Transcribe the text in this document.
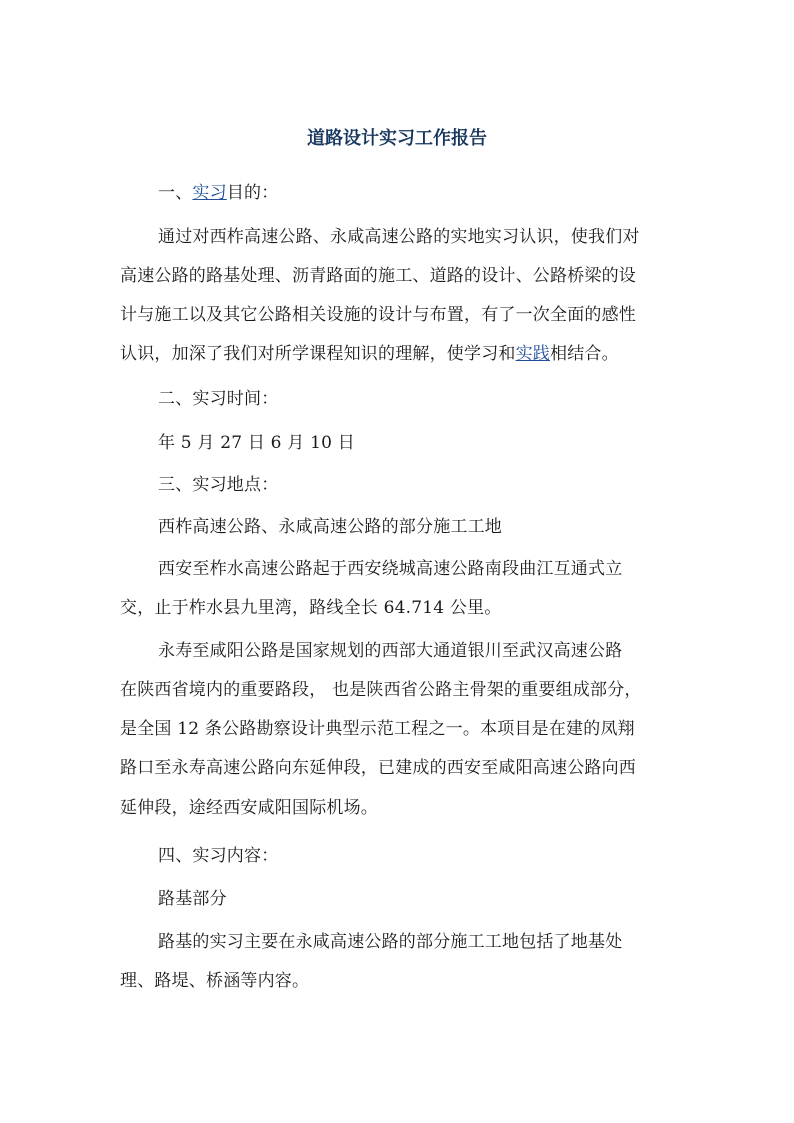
道路设计实习工作报告
一、实习目的：
通过对西柞高速公路、永咸高速公路的实地实习认识，使我们对
高速公路的路基处理、沥青路面的施工、道路的设计、公路桥梁的设
计与施工以及其它公路相关设施的设计与布置，有了一次全面的感性
认识，加深了我们对所学课程知识的理解，使学习和实践相结合。
二、实习时间：
年 5 月 27 日 6 月 10 日
三、实习地点：
西柞高速公路、永咸高速公路的部分施工工地
西安至柞水高速公路起于西安绕城高速公路南段曲江互通式立
交，止于柞水县九里湾，路线全长 64.714 公里。
永寿至咸阳公路是国家规划的西部大通道银川至武汉高速公路
在陕西省境内的重要路段， 也是陕西省公路主骨架的重要组成部分，
是全国 12 条公路勘察设计典型示范工程之一。本项目是在建的凤翔
路口至永寿高速公路向东延伸段，已建成的西安至咸阳高速公路向西
延伸段，途经西安咸阳国际机场。
四、实习内容：
路基部分
路基的实习主要在永咸高速公路的部分施工工地包括了地基处
理、路堤、桥涵等内容。
